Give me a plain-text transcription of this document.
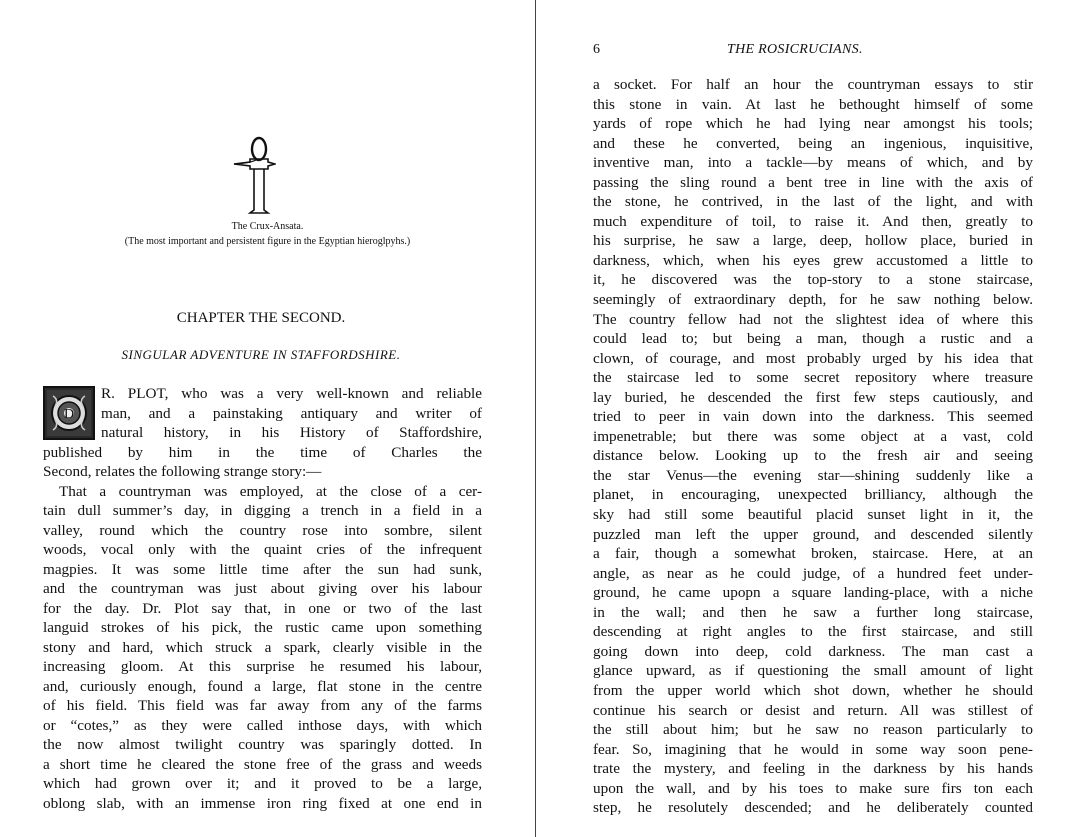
The Crux-Ansata.
(The most important and persistent figure in the Egyptian hieroglpyhs.)
CHAPTER THE SECOND.
SINGULAR ADVENTURE IN STAFFORDSHIRE.
D
R. PLOT, who was a very well-known and reliable
man, and a painstaking antiquary and writer of
natural history, in his History of Staffordshire,
published by him in the time of Charles the
Second, relates the following strange story:—
That a countryman was employed, at the close of a cer-
tain dull summer’s day, in digging a trench in a field in a
valley, round which the country rose into sombre, silent
woods, vocal only with the quaint cries of the infrequent
magpies. It was some little time after the sun had sunk,
and the countryman was just about giving over his labour
for the day. Dr. Plot say that, in one or two of the last
languid strokes of his pick, the rustic came upon something
stony and hard, which struck a spark, clearly visible in the
increasing gloom. At this surprise he resumed his labour,
and, curiously enough, found a large, flat stone in the centre
of his field. This field was far away from any of the farms
or “cotes,” as they were called inthose days, with which
the now almost twilight country was sparingly dotted. In
a short time he cleared the stone free of the grass and weeds
which had grown over it; and it proved to be a large,
oblong slab, with an immense iron ring fixed at one end in
6	THE ROSICRUCIANS.
a socket. For half an hour the countryman essays to stir
this stone in vain. At last he bethought himself of some
yards of rope which he had lying near amongst his tools;
and these he converted, being an ingenious, inquisitive,
inventive man, into a tackle—by means of which, and by
passing the sling round a bent tree in line with the axis of
the stone, he contrived, in the last of the light, and with
much expenditure of toil, to raise it. And then, greatly to
his surprise, he saw a large, deep, hollow place, buried in
darkness, which, when his eyes grew accustomed a little to
it, he discovered was the top-story to a stone staircase,
seemingly of extraordinary depth, for he saw nothing below.
The country fellow had not the slightest idea of where this
could lead to; but being a man, though a rustic and a
clown, of courage, and most probably urged by his idea that
the staircase led to some secret repository where treasure
lay buried, he descended the first few steps cautiously, and
tried to peer in vain down into the darkness. This seemed
impenetrable; but there was some object at a vast, cold
distance below. Looking up to the fresh air and seeing
the star Venus—the evening star—shining suddenly like a
planet, in encouraging, unexpected brilliancy, although the
sky had still some beautiful placid sunset light in it, the
puzzled man left the upper ground, and descended silently
a fair, though a somewhat broken, staircase. Here, at an
angle, as near as he could judge, of a hundred feet under-
ground, he came upopn a square landing-place, with a niche
in the wall; and then he saw a further long staircase,
descending at right angles to the first staircase, and still
going down into deep, cold darkness. The man cast a
glance upward, as if questioning the small amount of light
from the upper world which shot down, whether he should
continue his search or desist and return. All was stillest of
the still about him; but he saw no reason particularly to
fear. So, imagining that he would in some way soon pene-
trate the mystery, and feeling in the darkness by his hands
upon the wall, and by his toes to make sure firs ton each
step, he resolutely descended; and he deliberately counted
